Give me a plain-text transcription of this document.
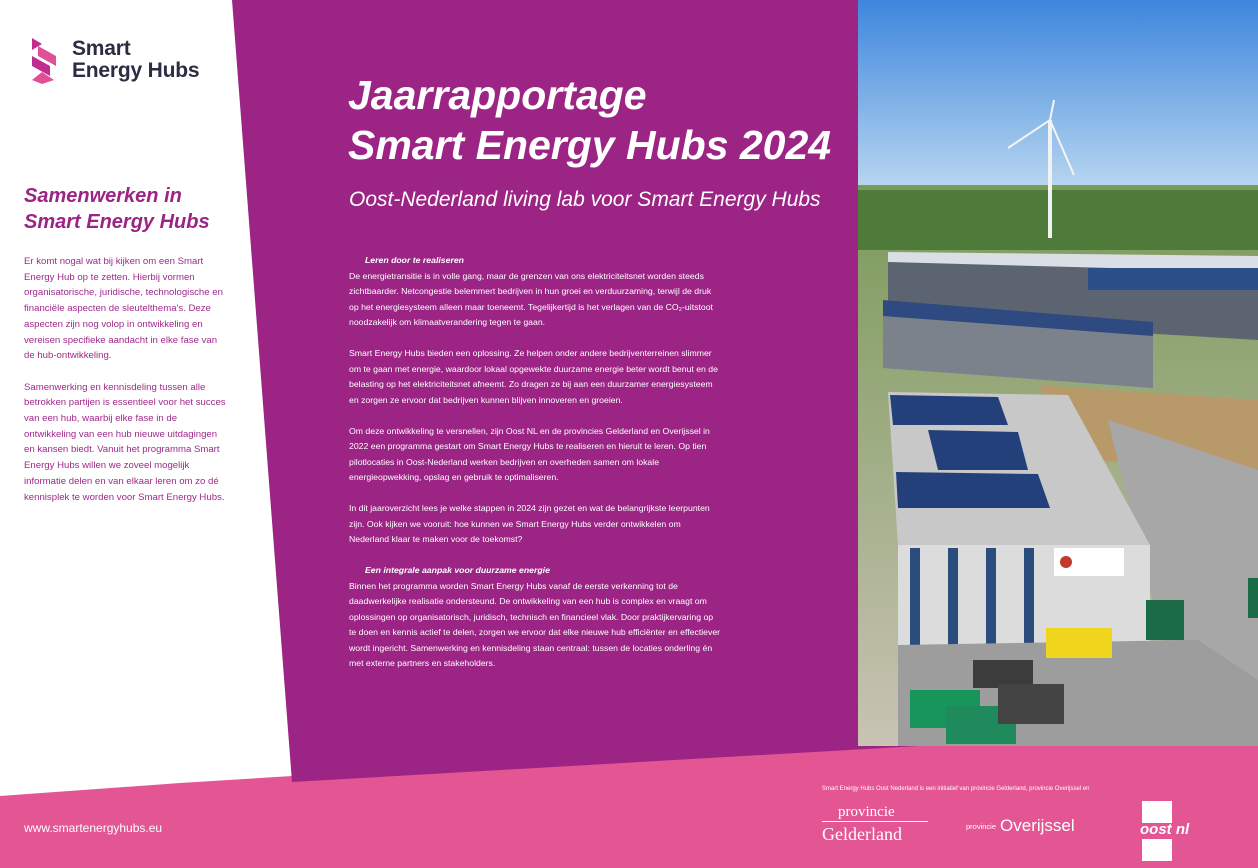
Smart
Energy Hubs
Samenwerken in
Smart Energy Hubs

Er komt nogal wat bij kijken om een Smart Energy Hub op te zetten. Hierbij vormen organisatorische, juridische, technologische en financiële aspecten de sleutelthema's. Deze aspecten zijn nog volop in ontwikkeling en vereisen specifieke aandacht in elke fase van de hub-ontwikkeling.

Samenwerking en kennisdeling tussen alle betrokken partijen is essentieel voor het succes van een hub, waarbij elke fase in de ontwikkeling van een hub nieuwe uitdagingen en kansen biedt. Vanuit het programma Smart Energy Hubs willen we zoveel mogelijk informatie delen en van elkaar leren om zo dé kennisplek te worden voor Smart Energy Hubs.

Jaarrapportage
Smart Energy Hubs 2024
Oost-Nederland living lab voor Smart Energy Hubs
Leren door te realiseren

De energietransitie is in volle gang, maar de grenzen van ons elektriciteitsnet worden steeds zichtbaarder. Netcongestie belemmert bedrijven in hun groei en verduurzaming, terwijl de druk op het energiesysteem alleen maar toeneemt. Tegelijkertijd is het verlagen van de CO₂-uitstoot noodzakelijk om klimaatverandering tegen te gaan.

Smart Energy Hubs bieden een oplossing. Ze helpen onder andere bedrijventerreinen slimmer om te gaan met energie, waardoor lokaal opgewekte duurzame energie beter wordt benut en de belasting op het elektriciteitsnet afneemt. Zo dragen ze bij aan een duurzamer energiesysteem en zorgen ze ervoor dat bedrijven kunnen blijven innoveren en groeien.

Om deze ontwikkeling te versnellen, zijn Oost NL en de provincies Gelderland en Overijssel in 2022 een programma gestart om Smart Energy Hubs te realiseren en hieruit te leren. Op tien pilotlocaties in Oost-Nederland werken bedrijven en overheden samen om lokale energieopwekking, opslag en gebruik te optimaliseren.

In dit jaaroverzicht lees je welke stappen in 2024 zijn gezet en wat de belangrijkste leerpunten zijn. Ook kijken we vooruit: hoe kunnen we Smart Energy Hubs verder ontwikkelen om Nederland klaar te maken voor de toekomst?

Een integrale aanpak voor duurzame energie

Binnen het programma worden Smart Energy Hubs vanaf de eerste verkenning tot de daadwerkelijke realisatie ondersteund. De ontwikkeling van een hub is complex en vraagt om oplossingen op organisatorisch, juridisch, technisch en financieel vlak. Door praktijkervaring op te doen en kennis actief te delen, zorgen we ervoor dat elke nieuwe hub efficiënter en effectiever wordt ingericht. Samenwerking en kennisdeling staan centraal: tussen de locaties onderling én met externe partners en stakeholders.

www.smartenergyhubs.eu
Smart Energy Hubs Oost Nederland is een initiatief van provincie Gelderland, provincie Overijssel en
provincie
Gelderland	provincie Overijssel	oost nl
